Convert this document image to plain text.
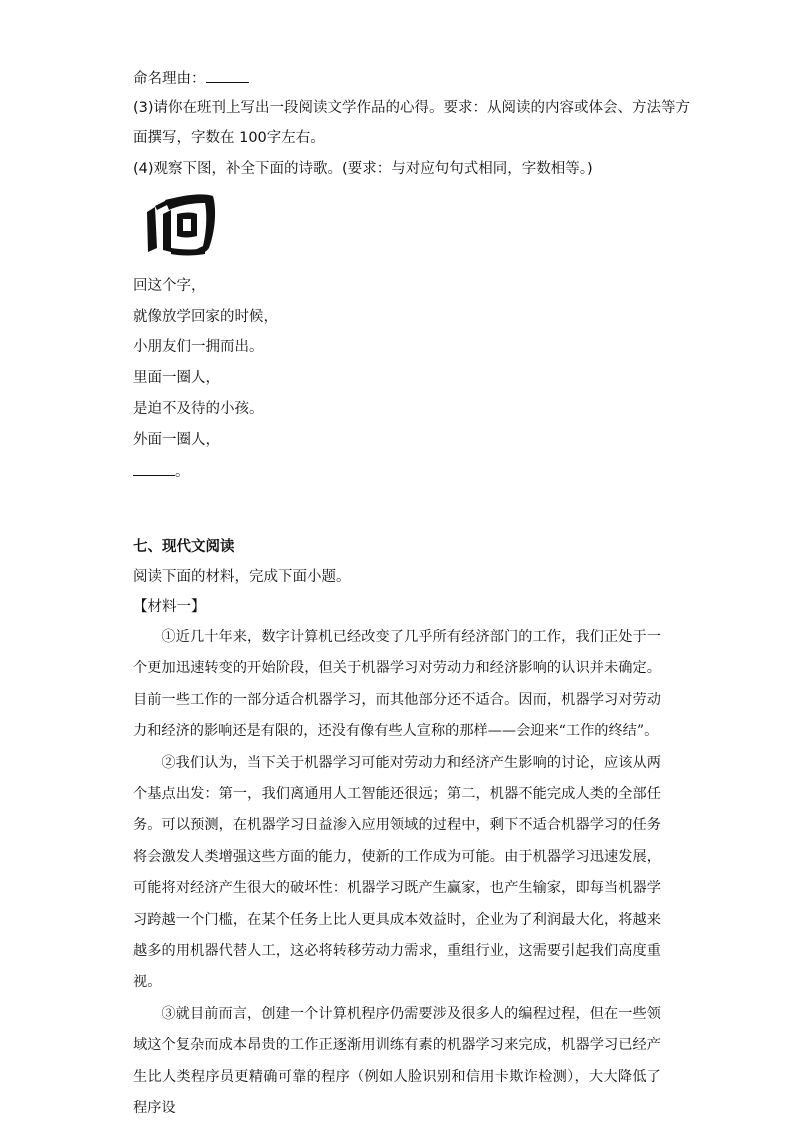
命名理由：
(3)请你在班刊上写出一段阅读文学作品的心得。要求：从阅读的内容或体会、方法等方
面撰写，字数在 100字左右。
(4)观察下图，补全下面的诗歌。(要求：与对应句句式相同，字数相等。)
回这个字，
就像放学回家的时候，
小朋友们一拥而出。
里面一圈人，
是迫不及待的小孩。
外面一圈人，
。
七、现代文阅读
阅读下面的材料，完成下面小题。
【材料一】

①近几十年来，数字计算机已经改变了几乎所有经济部门的工作，我们正处于一个更加迅速转变的开始阶段，但关于机器学习对劳动力和经济影响的认识并未确定。目前一些工作的一部分适合机器学习，而其他部分还不适合。因而，机器学习对劳动力和经济的影响还是有限的，还没有像有些人宣称的那样——会迎来“工作的终结”。

②我们认为，当下关于机器学习可能对劳动力和经济产生影响的讨论，应该从两个基点出发：第一，我们离通用人工智能还很远；第二，机器不能完成人类的全部任务。可以预测，在机器学习日益渗入应用领域的过程中，剩下不适合机器学习的任务将会激发人类增强这些方面的能力，使新的工作成为可能。由于机器学习迅速发展，可能将对经济产生很大的破坏性：机器学习既产生赢家，也产生输家，即每当机器学习跨越一个门槛，在某个任务上比人更具成本效益时，企业为了利润最大化，将越来越多的用机器代替人工，这必将转移劳动力需求，重组行业，这需要引起我们高度重视。

③就目前而言，创建一个计算机程序仍需要涉及很多人的编程过程，但在一些领域这个复杂而成本昂贵的工作正逐渐用训练有素的机器学习来完成，机器学习已经产生比人类程序员更精确可靠的程序（例如人脸识别和信用卡欺诈检测），大大降低了程序设
